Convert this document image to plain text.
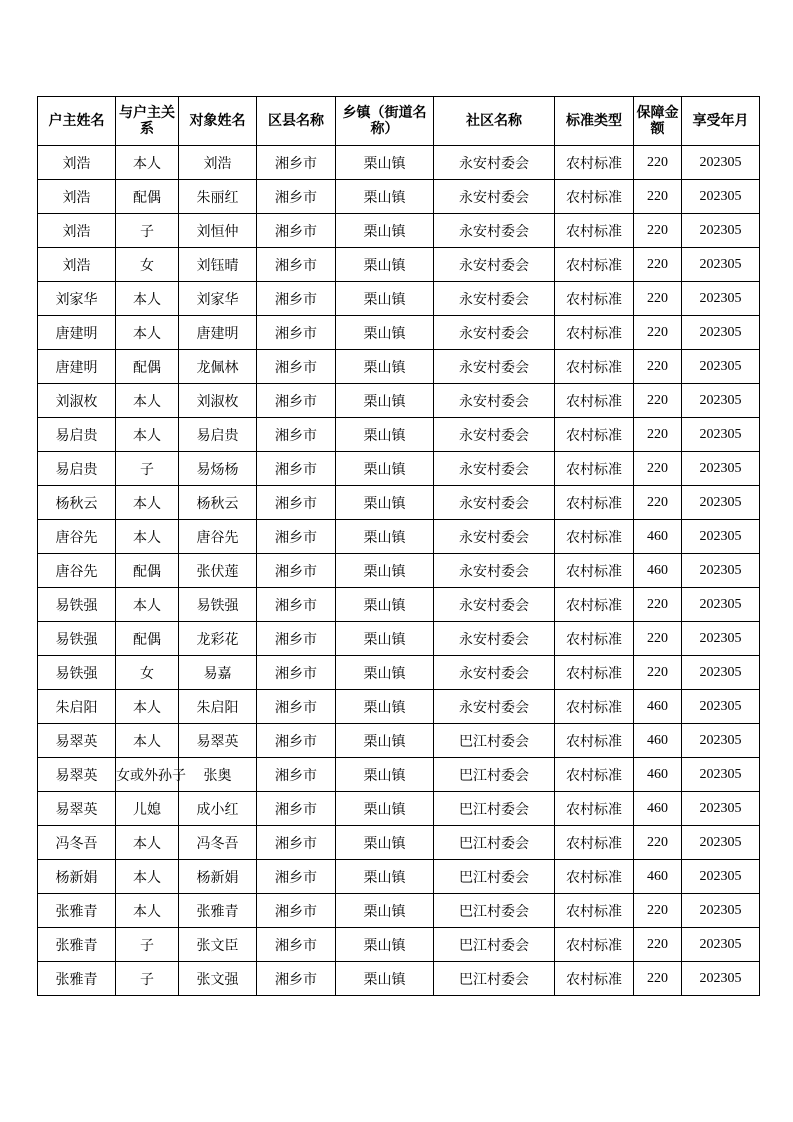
户主姓名	与户主关系	对象姓名	区县名称	乡镇（街道名称）	社区名称	标准类型	保障金额	享受年月
刘浩	本人	刘浩	湘乡市	栗山镇	永安村委会	农村标准	220	202305
刘浩	配偶	朱丽红	湘乡市	栗山镇	永安村委会	农村标准	220	202305
刘浩	子	刘恒仲	湘乡市	栗山镇	永安村委会	农村标准	220	202305
刘浩	女	刘钰晴	湘乡市	栗山镇	永安村委会	农村标准	220	202305
刘家华	本人	刘家华	湘乡市	栗山镇	永安村委会	农村标准	220	202305
唐建明	本人	唐建明	湘乡市	栗山镇	永安村委会	农村标准	220	202305
唐建明	配偶	龙佩林	湘乡市	栗山镇	永安村委会	农村标准	220	202305
刘淑枚	本人	刘淑枚	湘乡市	栗山镇	永安村委会	农村标准	220	202305
易启贵	本人	易启贵	湘乡市	栗山镇	永安村委会	农村标准	220	202305
易启贵	子	易炀杨	湘乡市	栗山镇	永安村委会	农村标准	220	202305
杨秋云	本人	杨秋云	湘乡市	栗山镇	永安村委会	农村标准	220	202305
唐谷先	本人	唐谷先	湘乡市	栗山镇	永安村委会	农村标准	460	202305
唐谷先	配偶	张伏莲	湘乡市	栗山镇	永安村委会	农村标准	460	202305
易铁强	本人	易铁强	湘乡市	栗山镇	永安村委会	农村标准	220	202305
易铁强	配偶	龙彩花	湘乡市	栗山镇	永安村委会	农村标准	220	202305
易铁强	女	易嘉	湘乡市	栗山镇	永安村委会	农村标准	220	202305
朱启阳	本人	朱启阳	湘乡市	栗山镇	永安村委会	农村标准	460	202305
易翠英	本人	易翠英	湘乡市	栗山镇	巴江村委会	农村标准	460	202305
易翠英	女或外孙子	张奥	湘乡市	栗山镇	巴江村委会	农村标准	460	202305
易翠英	儿媳	成小红	湘乡市	栗山镇	巴江村委会	农村标准	460	202305
冯冬吾	本人	冯冬吾	湘乡市	栗山镇	巴江村委会	农村标准	220	202305
杨新娟	本人	杨新娟	湘乡市	栗山镇	巴江村委会	农村标准	460	202305
张雅青	本人	张雅青	湘乡市	栗山镇	巴江村委会	农村标准	220	202305
张雅青	子	张文臣	湘乡市	栗山镇	巴江村委会	农村标准	220	202305
张雅青	子	张文强	湘乡市	栗山镇	巴江村委会	农村标准	220	202305
